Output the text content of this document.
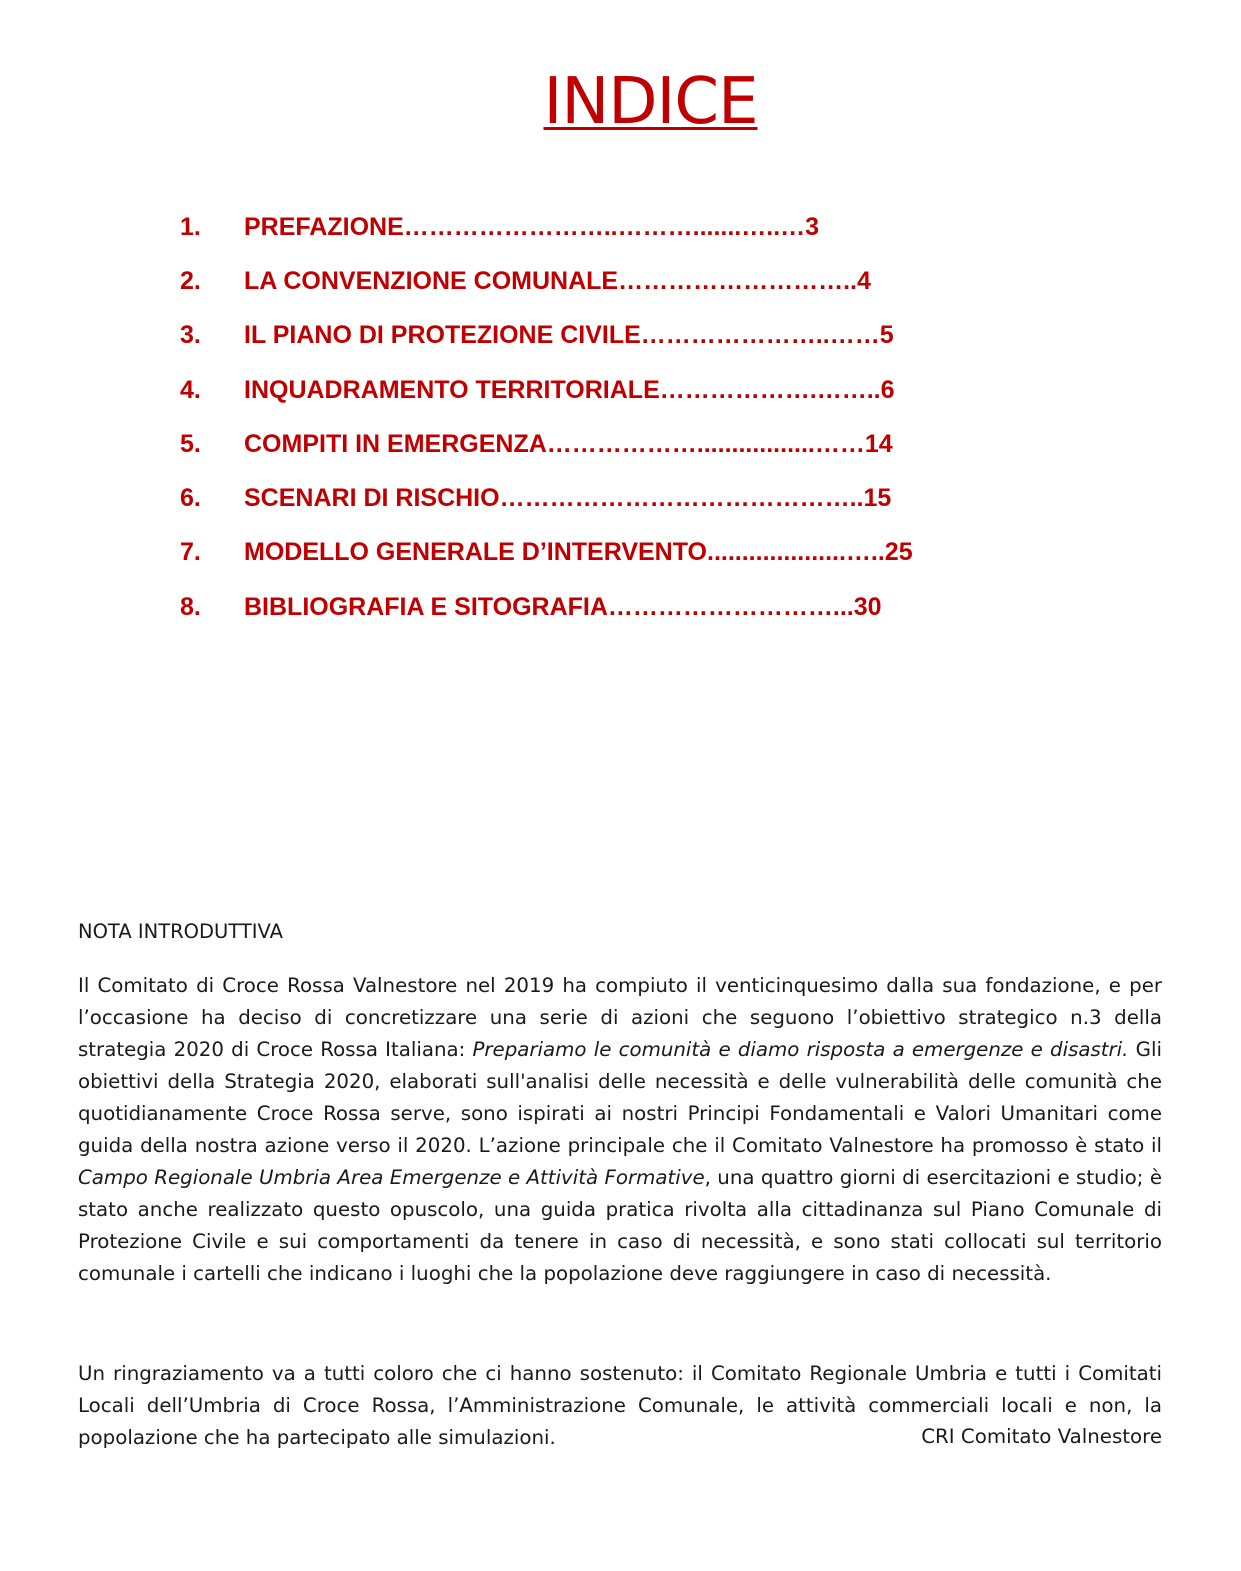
INDICE
1.	PREFAZIONE……………………..……….......…..…3
2.	LA CONVENZIONE COMUNALE………………………..4
3.	IL PIANO DI PROTEZIONE CIVILE…………………..……5
4.	INQUADRAMENTO TERRITORIALE……………….……..6
5.	COMPITI IN EMERGENZA……………….................……14
6.	SCENARI DI RISCHIO……………………………………..15
7.	MODELLO GENERALE D’INTERVENTO....................…..25
8.	BIBLIOGRAFIA E SITOGRAFIA………………………...30
NOTA INTRODUTTIVA

Il Comitato di Croce Rossa Valnestore nel 2019 ha compiuto il venticinquesimo dalla sua fondazione, e per l’occasione ha deciso di concretizzare una serie di azioni che seguono l’obiettivo strategico n.3 della strategia 2020 di Croce Rossa Italiana: Prepariamo le comunità e diamo risposta a emergenze e disastri. Gli obiettivi della Strategia 2020, elaborati sull'analisi delle necessità e delle vulnerabilità delle comunità che quotidianamente Croce Rossa serve, sono ispirati ai nostri Principi Fondamentali e Valori Umanitari come guida della nostra azione verso il 2020. L’azione principale che il Comitato Valnestore ha promosso è stato il Campo Regionale Umbria Area Emergenze e Attività Formative, una quattro giorni di esercitazioni e studio; è stato anche realizzato questo opuscolo, una guida pratica rivolta alla cittadinanza sul Piano Comunale di Protezione Civile e sui comportamenti da tenere in caso di necessità, e sono stati collocati sul territorio comunale i cartelli che indicano i luoghi che la popolazione deve raggiungere in caso di necessità.

Un ringraziamento va a tutti coloro che ci hanno sostenuto: il Comitato Regionale Umbria e tutti i Comitati Locali dell’Umbria di Croce Rossa, l’Amministrazione Comunale, le attività commerciali locali e non, la popolazione che ha partecipato alle simulazioni.	CRI Comitato Valnestore
